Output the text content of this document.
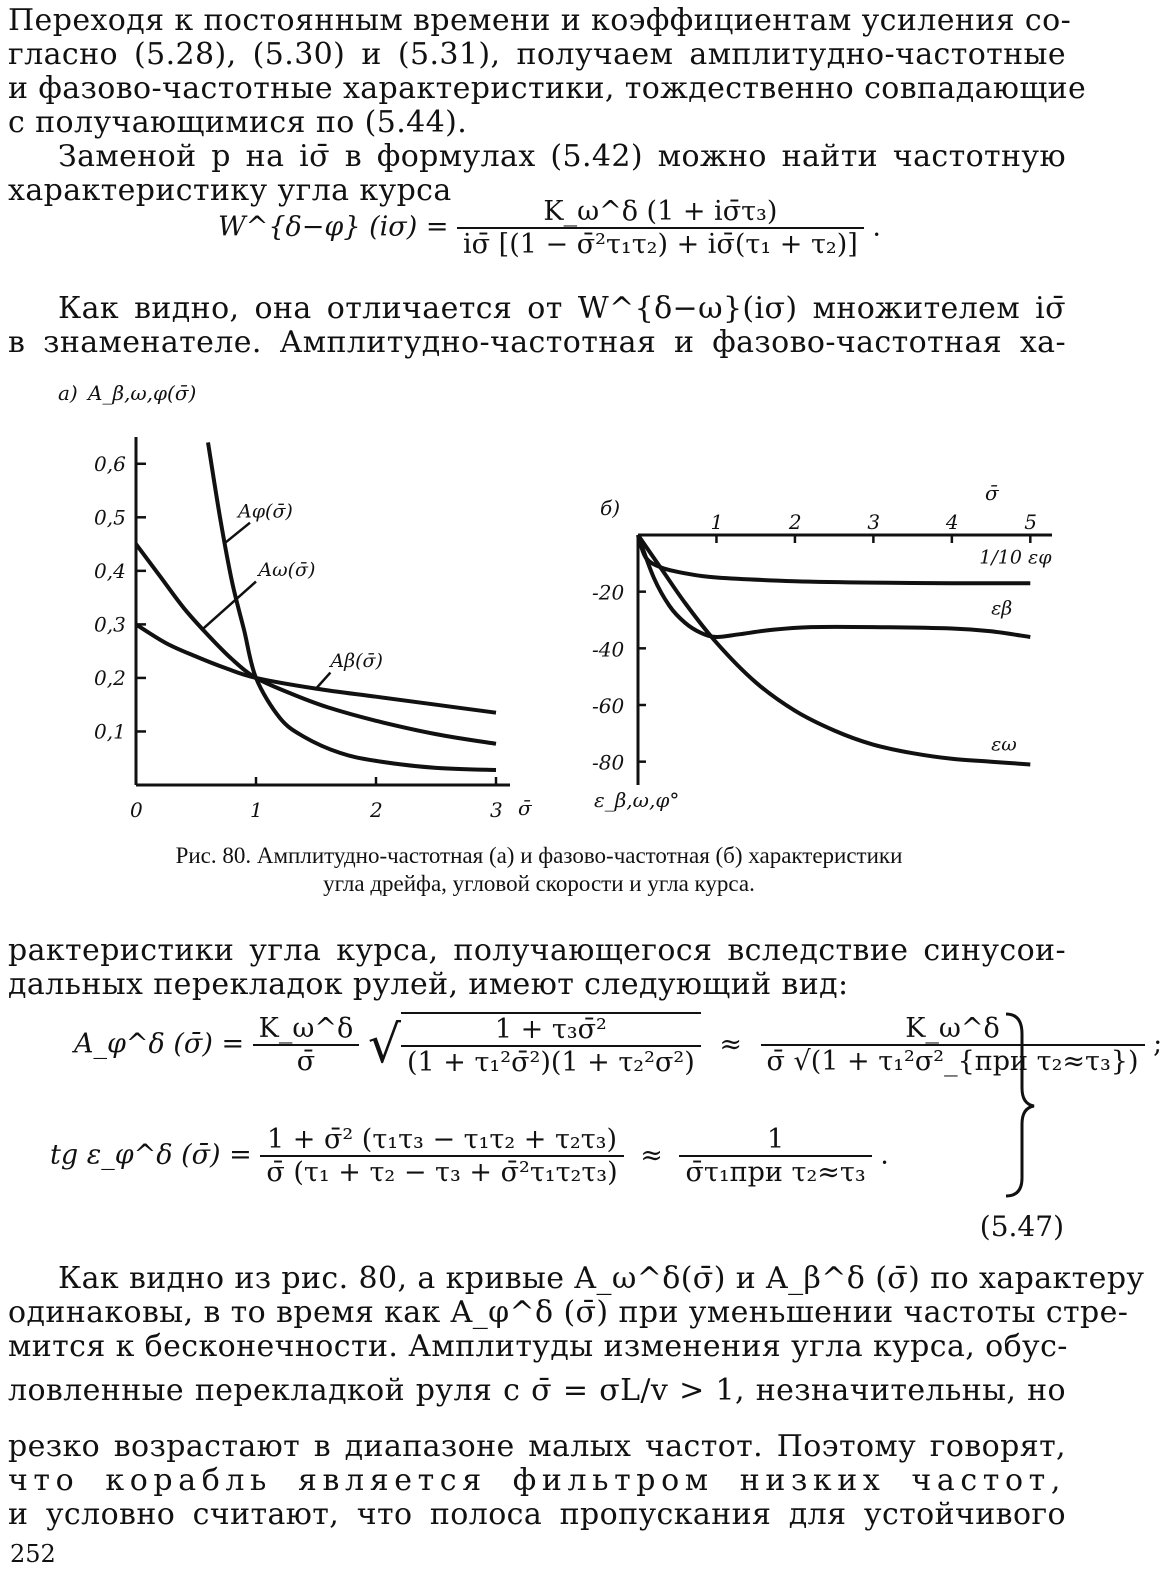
Переходя к постоянным времени и коэффициентам усиления со-
гласно (5.28), (5.30) и (5.31), получаем амплитудно-частотные
и фазово-частотные характеристики, тождественно совпадающие
с получающимися по (5.44).
Заменой p на iσ̄ в формулах (5.42) можно найти частотную
характеристику угла курса
W^{δ−φ} $(i\sigma) = \frac{\text{K\_ω\textasciicircum{}δ (1 + iσ̄τ₃)}}{\text{iσ̄ [(1 − σ̄²τ₁τ₂) + iσ̄(τ₁ + τ₂)]}}$ .
Как видно, она отличается от W^{δ−ω}(iσ) множителем iσ̄
в знаменателе. Амплитудно-частотная и фазово-частотная ха-
а) A_β,ω,φ(σ̄)
σ̄
0	1	2	3
0,1
0,2
0,3
0,4
0,5
0,6
Aφ(σ̄)
Aω(σ̄)
Aβ(σ̄)
б)
σ̄
ε_β,ω,φ°
1	2	3	4	5
-20
-40
-60
-80
1/10 εφ
εβ
εω
Рис. 80. Амплитудно-частотная (а) и фазово-частотная (б) характеристики
угла дрейфа, угловой скорости и угла курса.
рактеристики угла курса, получающегося вследствие синусои-
дальных перекладок рулей, имеют следующий вид:
A_φ^δ (σ̄) = $\frac{K\_\omega\^{}\delta}{\sigmā}$ √ $\frac{\text{1 + τ₃σ̄²}}{\text{(1 + τ₁²σ̄²)(1 + τ₂²σ²)}} \approx \frac{K\_\omega\^{}\delta}{\text{σ̄ √(1 + τ₁²σ²\_\{при τ₂≈τ₃\})}}$ ;
tg ε_φ^δ (σ̄) = $\frac{\text{1 + σ̄² (τ₁τ₃ − τ₁τ₂ + τ₂τ₃)}}{\text{σ̄ (τ₁ + τ₂ − τ₃ + σ̄²τ₁τ₂τ₃)}} \approx \frac{1}{\text{σ̄τ₁при τ₂≈τ₃}}$ .
(5.47)
Как видно из рис. 80, а кривые A_ω^δ(σ̄) и A_β^δ (σ̄) по характеру
одинаковы, в то время как A_φ^δ (σ̄) при уменьшении частоты стре-
мится к бесконечности. Амплитуды изменения угла курса, обус-
ловленные перекладкой руля с σ̄ = σL/v > 1, незначительны, но
резко возрастают в диапазоне малых частот. Поэтому говорят,
что корабль является фильтром низких частот,
и условно считают, что полоса пропускания для устойчивого
252
